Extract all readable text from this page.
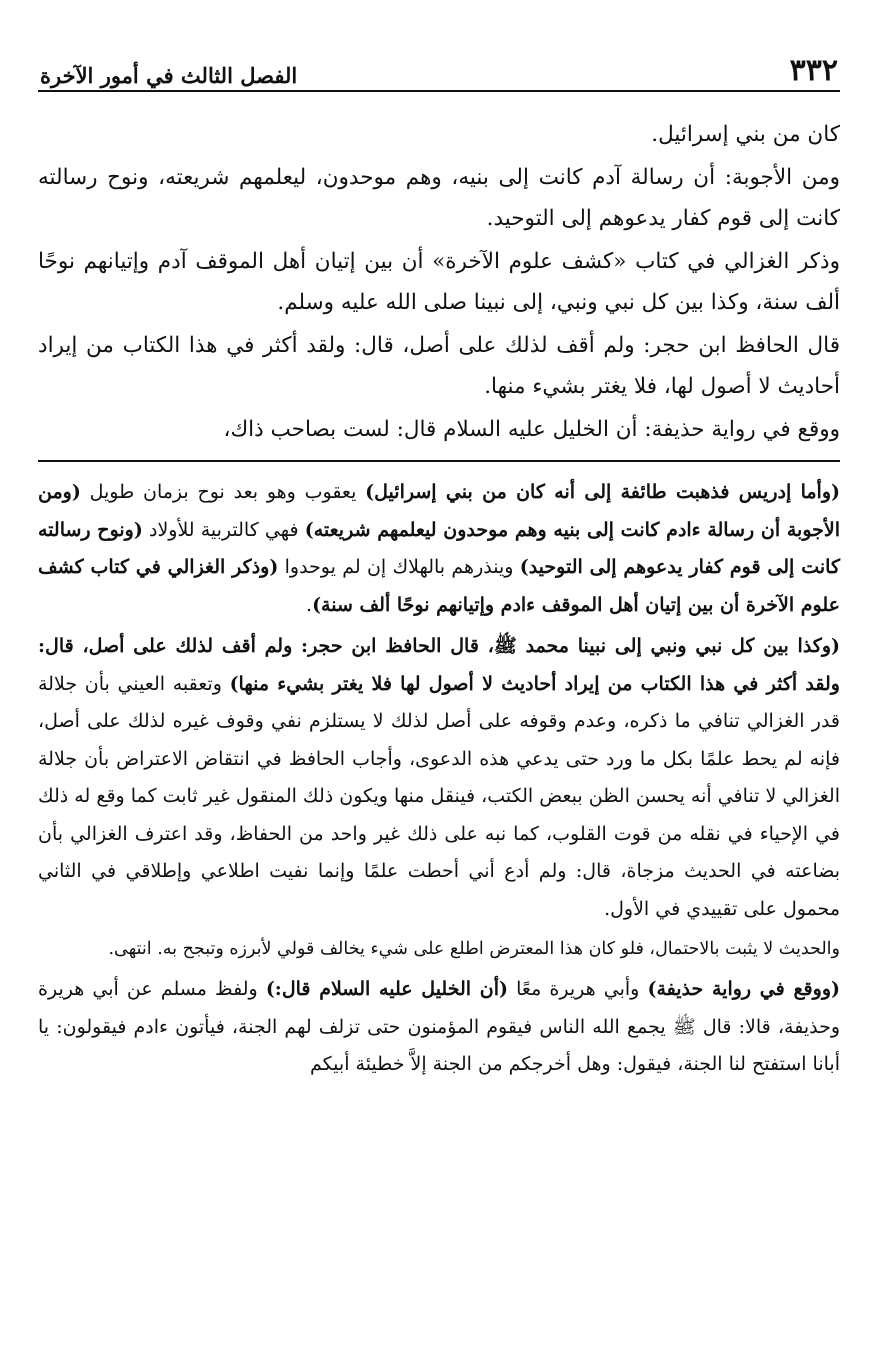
٣٣٢
الفصل الثالث في أمور الآخرة

كان من بني إسرائيل.

ومن الأجوبة: أن رسالة آدم كانت إلى بنيه، وهم موحدون، ليعلمهم شريعته، ونوح رسالته كانت إلى قوم كفار يدعوهم إلى التوحيد.

وذكر الغزالي في كتاب «كشف علوم الآخرة» أن بين إتيان أهل الموقف آدم وإتيانهم نوحًا ألف سنة، وكذا بين كل نبي ونبي، إلى نبينا صلى الله عليه وسلم.

قال الحافظ ابن حجر: ولم أقف لذلك على أصل، قال: ولقد أكثر في هذا الكتاب من إيراد أحاديث لا أصول لها، فلا يغتر بشيء منها.

ووقع في رواية حذيفة: أن الخليل عليه السلام قال: لست بصاحب ذاك،

(وأما إدريس فذهبت طائفة إلى أنه كان من بني إسرائيل) يعقوب وهو بعد نوح بزمان طويل (ومن الأجوبة أن رسالة ءادم كانت إلى بنيه وهم موحدون ليعلمهم شريعته) فهي كالتربية للأولاد (ونوح رسالته كانت إلى قوم كفار يدعوهم إلى التوحيد) وينذرهم بالهلاك إن لم يوحدوا (وذكر الغزالي في كتاب كشف علوم الآخرة أن بين إتيان أهل الموقف ءادم وإتيانهم نوحًا ألف سنة).

(وكذا بين كل نبي ونبي إلى نبينا محمد ﷺ، قال الحافظ ابن حجر: ولم أقف لذلك على أصل، قال: ولقد أكثر في هذا الكتاب من إيراد أحاديث لا أصول لها فلا يغتر بشيء منها) وتعقبه العيني بأن جلالة قدر الغزالي تنافي ما ذكره، وعدم وقوفه على أصل لذلك لا يستلزم نفي وقوف غيره لذلك على أصل، فإنه لم يحط علمًا بكل ما ورد حتى يدعي هذه الدعوى، وأجاب الحافظ في انتقاض الاعتراض بأن جلالة الغزالي لا تنافي أنه يحسن الظن ببعض الكتب، فينقل منها ويكون ذلك المنقول غير ثابت كما وقع له ذلك في الإحياء في نقله من قوت القلوب، كما نبه على ذلك غير واحد من الحفاظ، وقد اعترف الغزالي بأن بضاعته في الحديث مزجاة، قال: ولم أدع أني أحطت علمًا وإنما نفيت اطلاعي وإطلاقي في الثاني محمول على تقييدي في الأول.

والحديث لا يثبت بالاحتمال، فلو كان هذا المعترض اطلع على شيء يخالف قولي لأبرزه وتبجح به. انتهى.

(ووقع في رواية حذيفة) وأبي هريرة معًا (أن الخليل عليه السلام قال:) ولفظ مسلم عن أبي هريرة وحذيفة، قالا: قال ﷺ يجمع الله الناس فيقوم المؤمنون حتى تزلف لهم الجنة، فيأتون ءادم فيقولون: يا أبانا استفتح لنا الجنة، فيقول: وهل أخرجكم من الجنة إلاَّ خطيئة أبيكم
